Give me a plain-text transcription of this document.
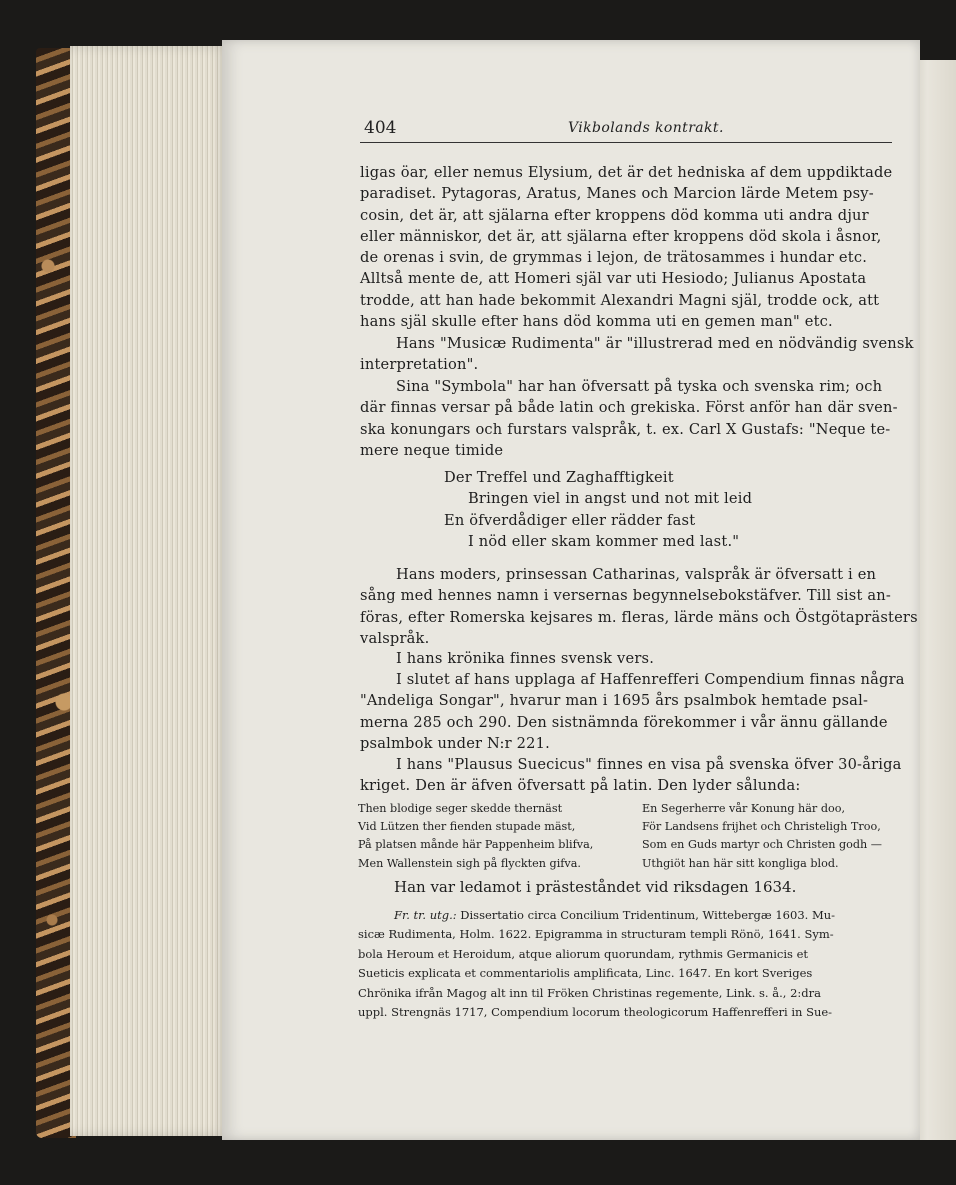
404	Vikbolands kontrakt.
ligas öar, eller nemus Elysium, det är det hedniska af dem uppdiktade
paradiset. Pytagoras, Aratus, Manes och Marcion lärde Metem psy-
cosin, det är, att själarna efter kroppens död komma uti andra djur
eller människor, det är, att själarna efter kroppens död skola i åsnor,
de orenas i svin, de grymmas i lejon, de trätosammes i hundar etc.
Alltså mente de, att Homeri själ var uti Hesiodo; Julianus Apostata
trodde, att han hade bekommit Alexandri Magni själ, trodde ock, att
hans själ skulle efter hans död komma uti en gemen man" etc.
Hans "Musicæ Rudimenta" är "illustrerad med en nödvändig svensk
interpretation".
Sina "Symbola" har han öfversatt på tyska och svenska rim; och
där finnas versar på både latin och grekiska. Först anför han där sven-
ska konungars och furstars valspråk, t. ex. Carl X Gustafs: "Neque te-
mere neque timide
Der Treffel und Zaghafftigkeit
Bringen viel in angst und not mit leid
En öfverdådiger eller rädder fast
I nöd eller skam kommer med last."
Hans moders, prinsessan Catharinas, valspråk är öfversatt i en
sång med hennes namn i versernas begynnelsebokstäfver. Till sist an-
föras, efter Romerska kejsares m. fleras, lärde mäns och Östgötaprästers
valspråk.
I hans krönika finnes svensk vers.
I slutet af hans upplaga af Haffenrefferi Compendium finnas några
"Andeliga Songar", hvarur man i 1695 års psalmbok hemtade psal-
merna 285 och 290. Den sistnämnda förekommer i vår ännu gällande
psalmbok under N:r 221.
I hans "Plausus Suecicus" finnes en visa på svenska öfver 30-åriga
kriget. Den är äfven öfversatt på latin. Den lyder sålunda:
Then blodige seger skedde thernäst
Vid Lützen ther fienden stupade mäst,
På platsen månde här Pappenheim blifva,
Men Wallenstein sigh på flyckten gifva.
En Segerherre vår Konung här doo,
För Landsens frijhet och Christeligh Troo,
Som en Guds martyr och Christen godh —
Uthgiöt han här sitt kongliga blod.
Han var ledamot i prästeståndet vid riksdagen 1634.
Fr. tr. utg.: Dissertatio circa Concilium Tridentinum, Wittebergæ 1603. Mu-
sicæ Rudimenta, Holm. 1622. Epigramma in structuram templi Rönö, 1641. Sym-
bola Heroum et Heroidum, atque aliorum quorundam, rythmis Germanicis et
Sueticis explicata et commentariolis amplificata, Linc. 1647. En kort Sveriges
Chrönika ifrån Magog alt inn til Fröken Christinas regemente, Link. s. å., 2:dra
uppl. Strengnäs 1717, Compendium locorum theologicorum Haffenrefferi in Sue-
